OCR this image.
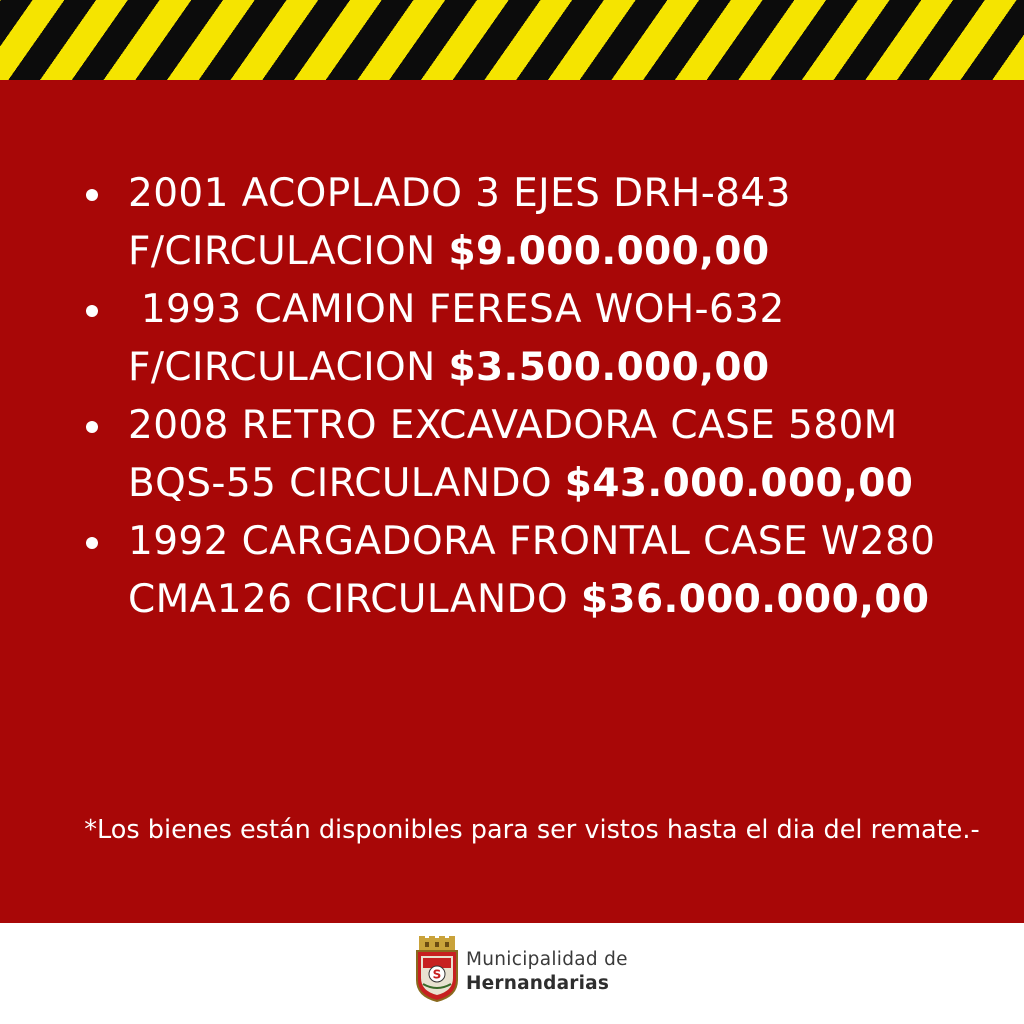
2001 ACOPLADO 3 EJES DRH-843 F/CIRCULACION $9.000.000,00
1993 CAMION FERESA WOH-632 F/CIRCULACION $3.500.000,00
2008 RETRO EXCAVADORA CASE 580M BQS-55 CIRCULANDO $43.000.000,00
1992 CARGADORA FRONTAL CASE W280 CMA126 CIRCULANDO $36.000.000,00
*Los bienes están disponibles para ser vistos hasta el dia del remate.-
S
Municipalidad de
Hernandarias
